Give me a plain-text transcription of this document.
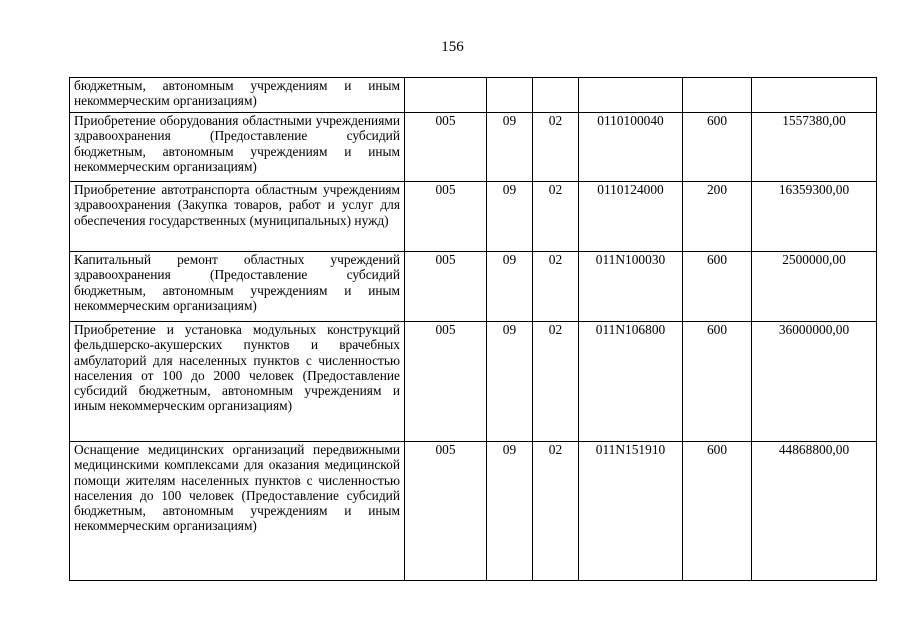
156
бюджетным, автономным учреждениям и иным некоммерческим организациям)						
Приобретение оборудования областными учреждениями здравоохранения (Предоставление субсидий бюджетным, автономным учреждениям и иным некоммерческим организациям)	005	09	02	0110100040	600	1557380,00
Приобретение автотранспорта областным учреждениям здравоохранения (Закупка товаров, работ и услуг для обеспечения государственных (муниципальных) нужд)	005	09	02	0110124000	200	16359300,00
Капитальный ремонт областных учреждений здравоохранения (Предоставление субсидий бюджетным, автономным учреждениям и иным некоммерческим организациям)	005	09	02	011N100030	600	2500000,00
Приобретение и установка модульных конструкций фельдшерско-акушерских пунктов и врачебных амбулаторий для населенных пунктов с численностью населения от 100 до 2000 человек (Предоставление субсидий бюджетным, автономным учреждениям и иным некоммерческим организациям)	005	09	02	011N106800	600	36000000,00
Оснащение медицинских организаций передвижными медицинскими комплексами для оказания медицинской помощи жителям населенных пунктов с численностью населения до 100 человек (Предоставление субсидий бюджетным, автономным учреждениям и иным некоммерческим организациям)	005	09	02	011N151910	600	44868800,00
